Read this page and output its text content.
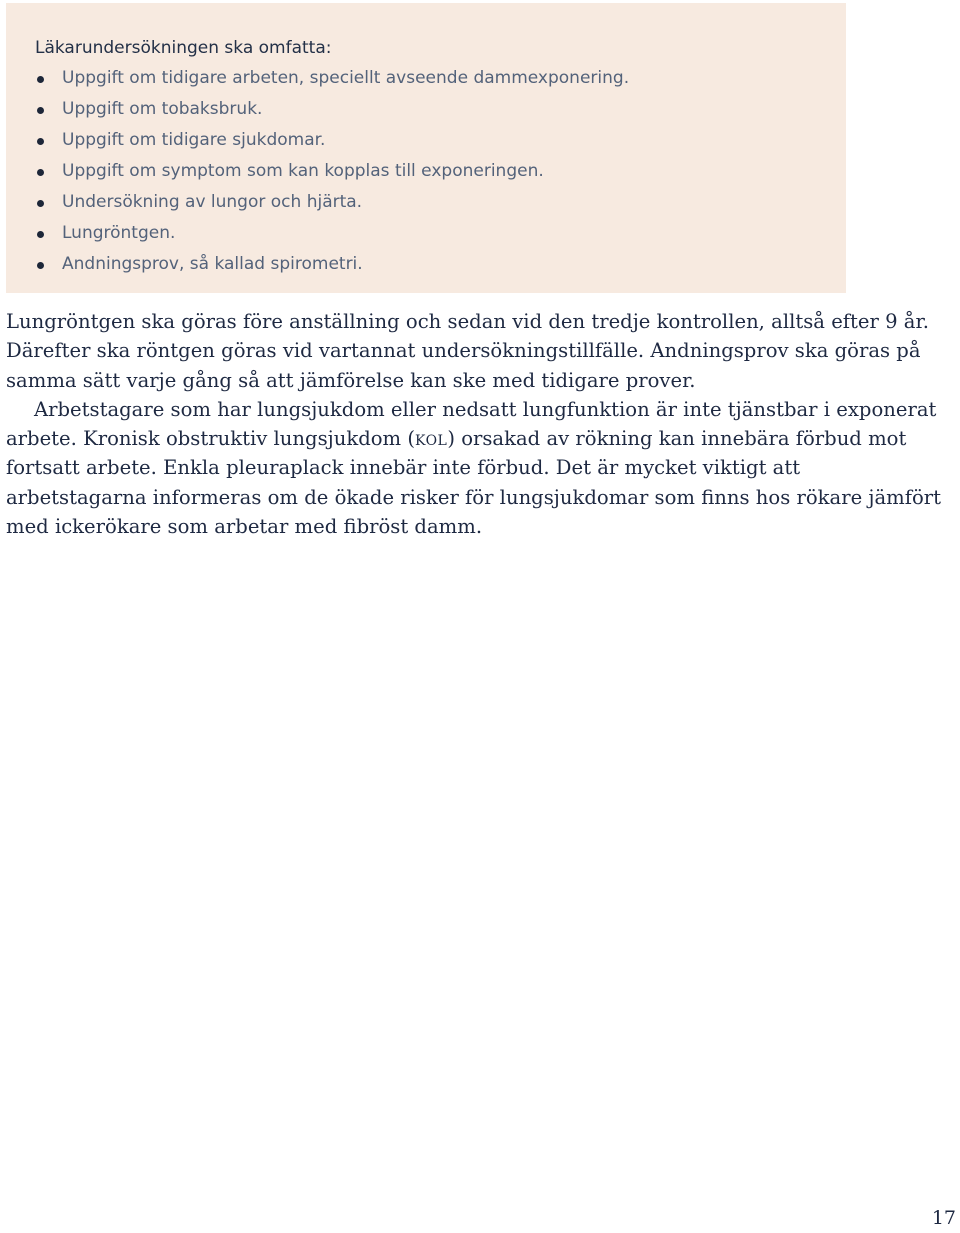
Läkarundersökningen ska omfatta:

Uppgift om tidigare arbeten, speciellt avseende dammexponering.
Uppgift om tobaksbruk.
Uppgift om tidigare sjukdomar.
Uppgift om symptom som kan kopplas till exponeringen.
Undersökning av lungor och hjärta.
Lungröntgen.
Andningsprov, så kallad spirometri.

Lungröntgen ska göras före anställning och sedan vid den tredje kontrollen, alltså efter 9 år. Därefter ska röntgen göras vid vartannat undersökningstillfälle. Andningsprov ska göras på samma sätt varje gång så att jämförelse kan ske med tidigare prover.

Arbetstagare som har lungsjukdom eller nedsatt lungfunktion är inte tjänstbar i exponerat arbete. Kronisk obstruktiv lungsjukdom (kol) orsakad av rökning kan innebära förbud mot fortsatt arbete. Enkla pleuraplack innebär inte förbud. Det är mycket viktigt att arbetstagarna informeras om de ökade risker för lungsjukdomar som finns hos rökare jämfört med ickerökare som arbetar med fibröst damm.

17
